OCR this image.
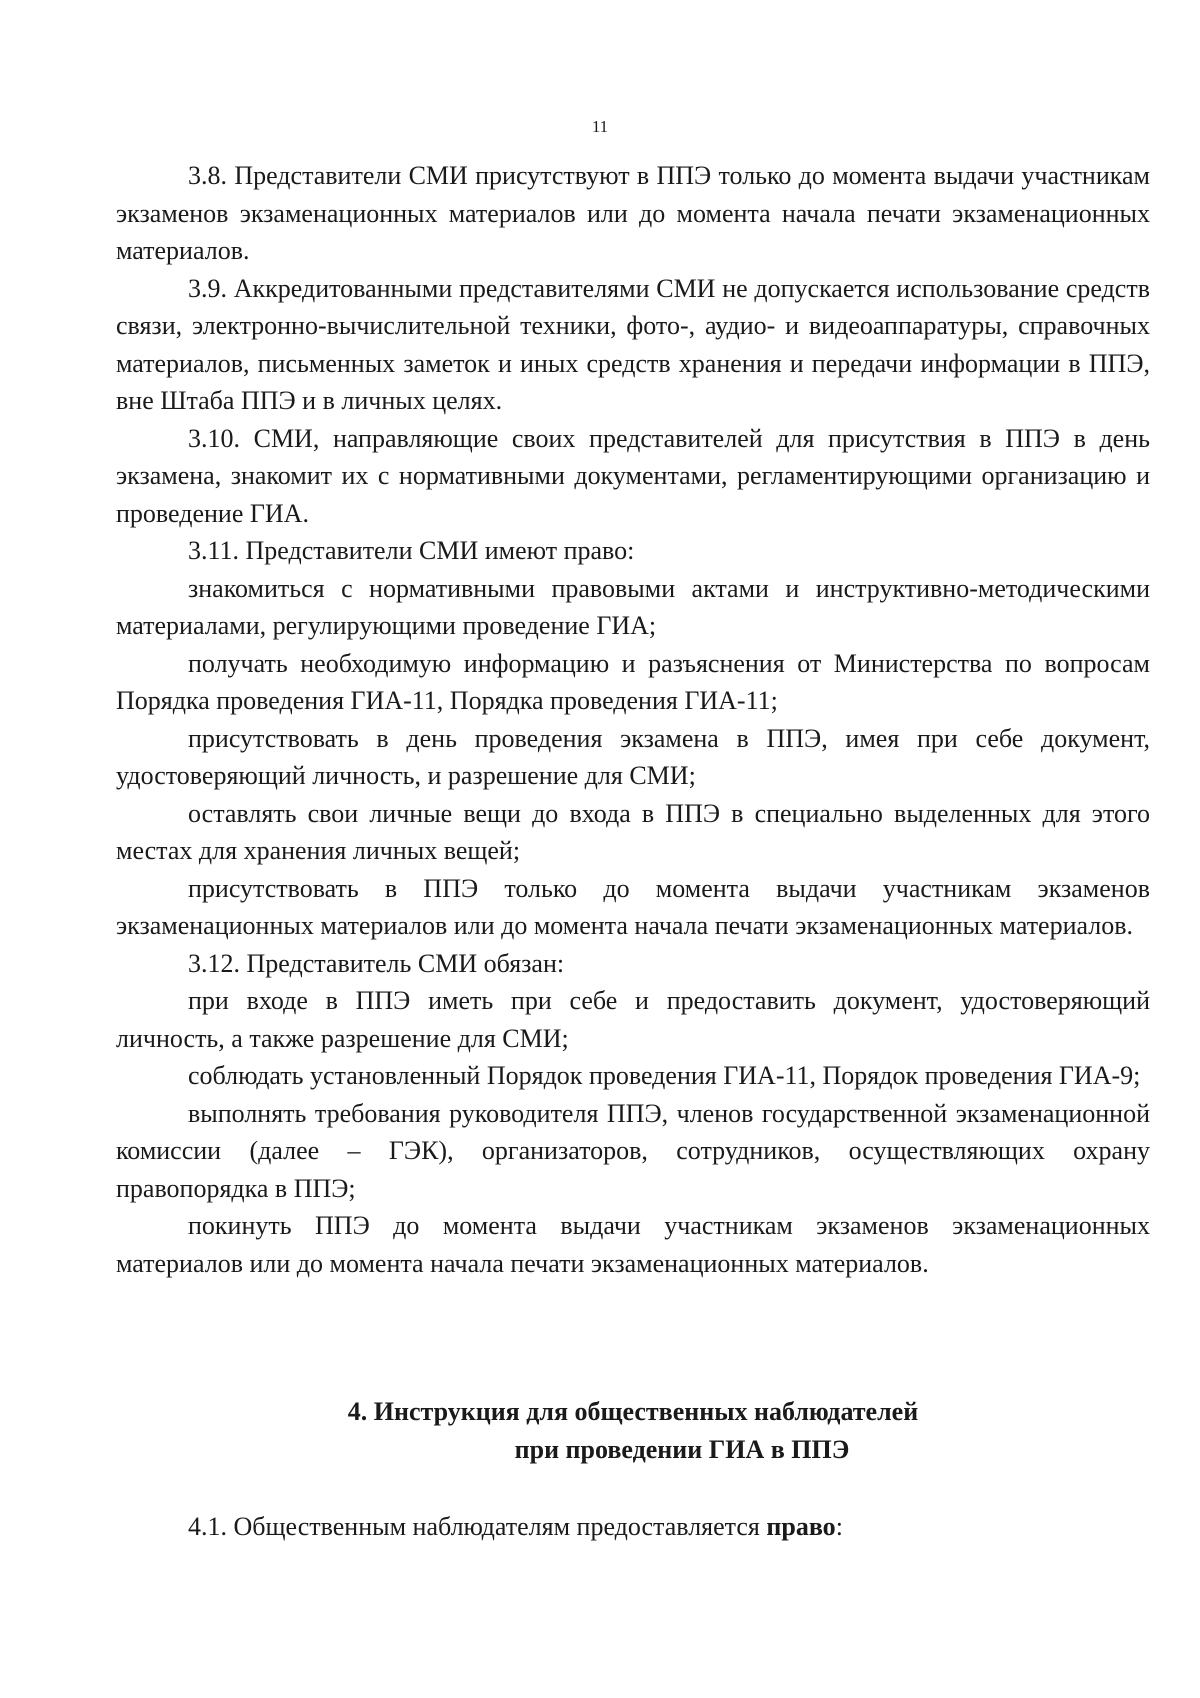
11

3.8. Представители СМИ присутствуют в ППЭ только до момента выдачи участникам экзаменов экзаменационных материалов или до момента начала печати экзаменационных материалов.

3.9. Аккредитованными представителями СМИ не допускается использование средств связи, электронно-вычислительной техники, фото-, аудио- и видеоаппаратуры, справочных материалов, письменных заметок и иных средств хранения и передачи информации в ППЭ, вне Штаба ППЭ и в личных целях.

3.10. СМИ, направляющие своих представителей для присутствия в ППЭ в день экзамена, знакомит их с нормативными документами, регламентирующими организацию и проведение ГИА.

3.11. Представители СМИ имеют право:

знакомиться с нормативными правовыми актами и инструктивно-методическими материалами, регулирующими проведение ГИА;

получать необходимую информацию и разъяснения от Министерства по вопросам Порядка проведения ГИА-11, Порядка проведения ГИА-11;

присутствовать в день проведения экзамена в ППЭ, имея при себе документ, удостоверяющий личность, и разрешение для СМИ;

оставлять свои личные вещи до входа в ППЭ в специально выделенных для этого местах для хранения личных вещей;

присутствовать в ППЭ только до момента выдачи участникам экзаменов экзаменационных материалов или до момента начала печати экзаменационных материалов.

3.12. Представитель СМИ обязан:

при входе в ППЭ иметь при себе и предоставить документ, удостоверяющий личность, а также разрешение для СМИ;

соблюдать установленный Порядок проведения ГИА-11, Порядок проведения ГИА-9;

выполнять требования руководителя ППЭ, членов государственной экзаменационной комиссии (далее – ГЭК), организаторов, сотрудников, осуществляющих охрану правопорядка в ППЭ;

покинуть ППЭ до момента выдачи участникам экзаменов экзаменационных материалов или до момента начала печати экзаменационных материалов.

4. Инструкция для общественных наблюдателей
при проведении ГИА в ППЭ

4.1. Общественным наблюдателям предоставляется право:
